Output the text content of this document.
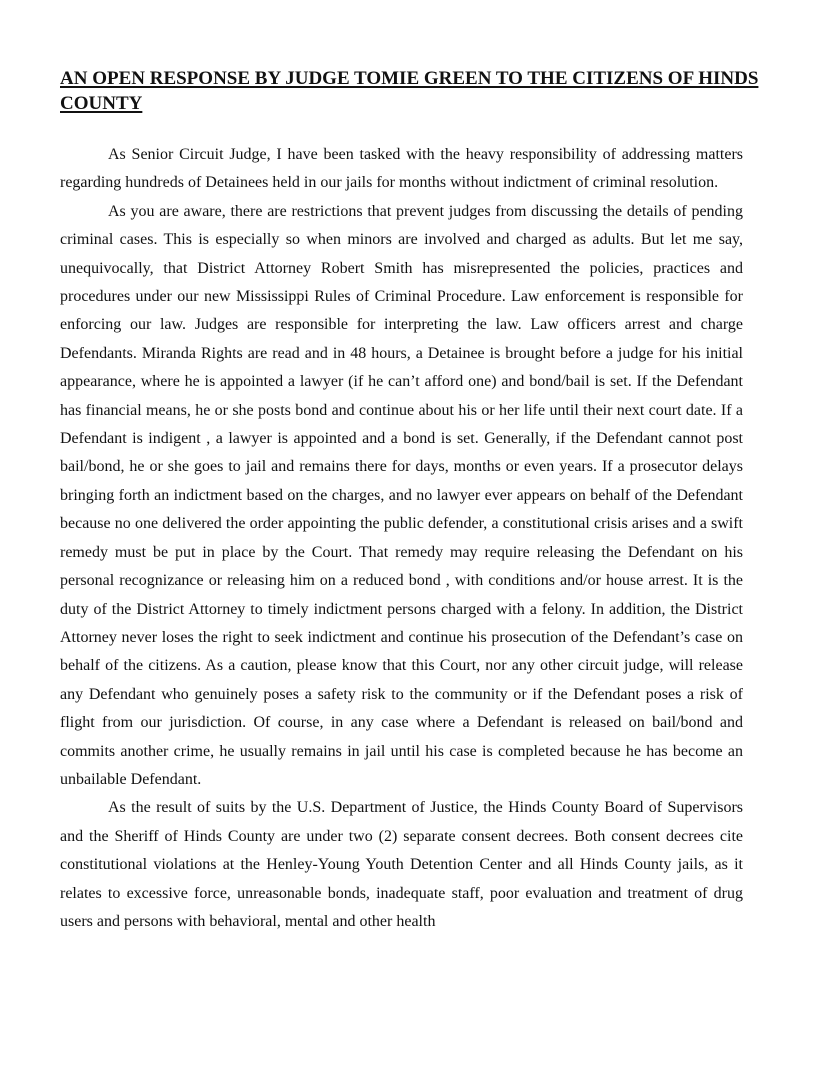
AN OPEN RESPONSE BY JUDGE TOMIE GREEN TO THE CITIZENS OF HINDS COUNTY

As Senior Circuit Judge, I have been tasked with the heavy responsibility of addressing matters regarding hundreds of Detainees held in our jails for months without indictment of criminal resolution.

As you are aware, there are restrictions that prevent judges from discussing the details of pending criminal cases. This is especially so when minors are involved and charged as adults. But let me say, unequivocally, that District Attorney Robert Smith has misrepresented the policies, practices and procedures under our new Mississippi Rules of Criminal Procedure. Law enforcement is responsible for enforcing our law. Judges are responsible for interpreting the law. Law officers arrest and charge Defendants. Miranda Rights are read and in 48 hours, a Detainee is brought before a judge for his initial appearance, where he is appointed a lawyer (if he can’t afford one) and bond/bail is set. If the Defendant has financial means, he or she posts bond and continue about his or her life until their next court date. If a Defendant is indigent , a lawyer is appointed and a bond is set. Generally, if the Defendant cannot post bail/bond, he or she goes to jail and remains there for days, months or even years. If a prosecutor delays bringing forth an indictment based on the charges, and no lawyer ever appears on behalf of the Defendant because no one delivered the order appointing the public defender, a constitutional crisis arises and a swift remedy must be put in place by the Court. That remedy may require releasing the Defendant on his personal recognizance or releasing him on a reduced bond , with conditions and/or house arrest. It is the duty of the District Attorney to timely indictment persons charged with a felony. In addition, the District Attorney never loses the right to seek indictment and continue his prosecution of the Defendant’s case on behalf of the citizens. As a caution, please know that this Court, nor any other circuit judge, will release any Defendant who genuinely poses a safety risk to the community or if the Defendant poses a risk of flight from our jurisdiction. Of course, in any case where a Defendant is released on bail/bond and commits another crime, he usually remains in jail until his case is completed because he has become an unbailable Defendant.

As the result of suits by the U.S. Department of Justice, the Hinds County Board of Supervisors and the Sheriff of Hinds County are under two (2) separate consent decrees. Both consent decrees cite constitutional violations at the Henley-Young Youth Detention Center and all Hinds County jails, as it relates to excessive force, unreasonable bonds, inadequate staff, poor evaluation and treatment of drug users and persons with behavioral, mental and other health
